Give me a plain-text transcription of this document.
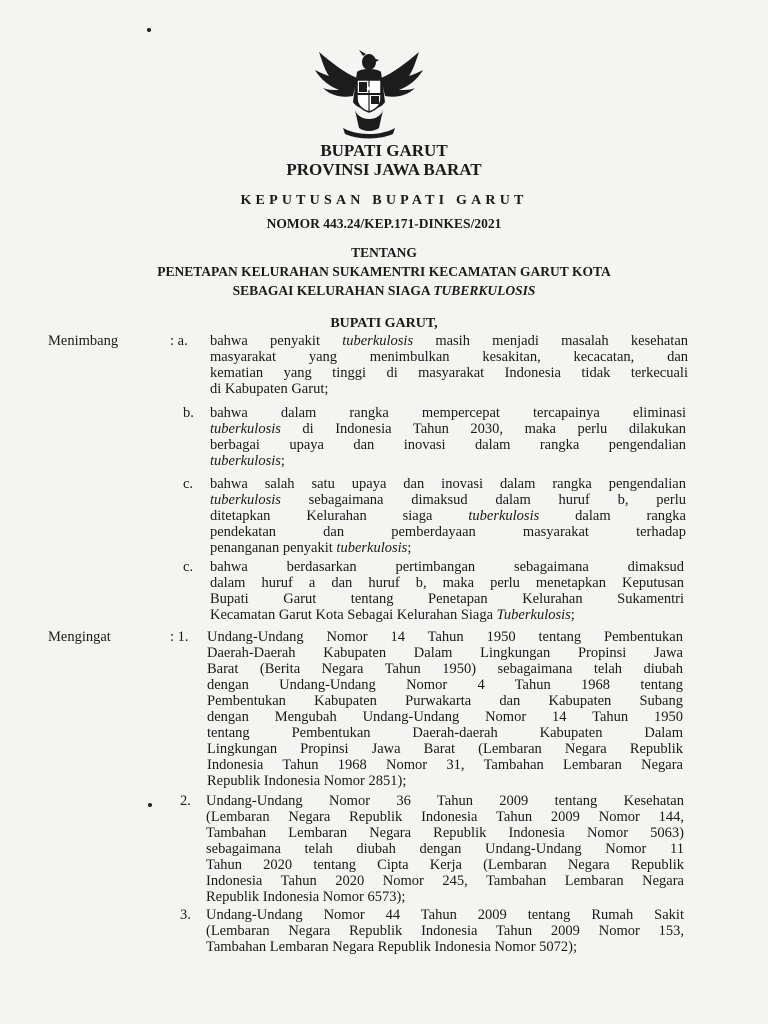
BUPATI GARUT
PROVINSI JAWA BARAT
KEPUTUSAN BUPATI GARUT
NOMOR 443.24/KEP.171-DINKES/2021
TENTANG
PENETAPAN KELURAHAN SUKAMENTRI KECAMATAN GARUT KOTA
SEBAGAI KELURAHAN SIAGA TUBERKULOSIS
BUPATI GARUT,
Menimbang	: a. bahwa penyakit tuberkulosis masih menjadi masalah kesehatan
masyarakat yang menimbulkan kesakitan, kecacatan, dan
kematian yang tinggi di masyarakat Indonesia tidak terkecuali
di Kabupaten Garut;
b. bahwa dalam rangka mempercepat tercapainya eliminasi
tuberkulosis di Indonesia Tahun 2030, maka perlu dilakukan
berbagai upaya dan inovasi dalam rangka pengendalian
tuberkulosis;
c. bahwa salah satu upaya dan inovasi dalam rangka pengendalian
tuberkulosis sebagaimana dimaksud dalam huruf b, perlu
ditetapkan Kelurahan siaga tuberkulosis dalam rangka
pendekatan dan pemberdayaan masyarakat terhadap
penanganan penyakit tuberkulosis;
c. bahwa berdasarkan pertimbangan sebagaimana dimaksud
dalam huruf a dan huruf b, maka perlu menetapkan Keputusan
Bupati Garut tentang Penetapan Kelurahan Sukamentri
Kecamatan Garut Kota Sebagai Kelurahan Siaga Tuberkulosis;
Mengingat	: 1. Undang-Undang Nomor 14 Tahun 1950 tentang Pembentukan
Daerah-Daerah Kabupaten Dalam Lingkungan Propinsi Jawa
Barat (Berita Negara Tahun 1950) sebagaimana telah diubah
dengan Undang-Undang Nomor 4 Tahun 1968 tentang
Pembentukan Kabupaten Purwakarta dan Kabupaten Subang
dengan Mengubah Undang-Undang Nomor 14 Tahun 1950
tentang Pembentukan Daerah-daerah Kabupaten Dalam
Lingkungan Propinsi Jawa Barat (Lembaran Negara Republik
Indonesia Tahun 1968 Nomor 31, Tambahan Lembaran Negara
Republik Indonesia Nomor 2851);
2. Undang-Undang Nomor 36 Tahun 2009 tentang Kesehatan
(Lembaran Negara Republik Indonesia Tahun 2009 Nomor 144,
Tambahan Lembaran Negara Republik Indonesia Nomor 5063)
sebagaimana telah diubah dengan Undang-Undang Nomor 11
Tahun 2020 tentang Cipta Kerja (Lembaran Negara Republik
Indonesia Tahun 2020 Nomor 245, Tambahan Lembaran Negara
Republik Indonesia Nomor 6573);
3. Undang-Undang Nomor 44 Tahun 2009 tentang Rumah Sakit
(Lembaran Negara Republik Indonesia Tahun 2009 Nomor 153,
Tambahan Lembaran Negara Republik Indonesia Nomor 5072);
